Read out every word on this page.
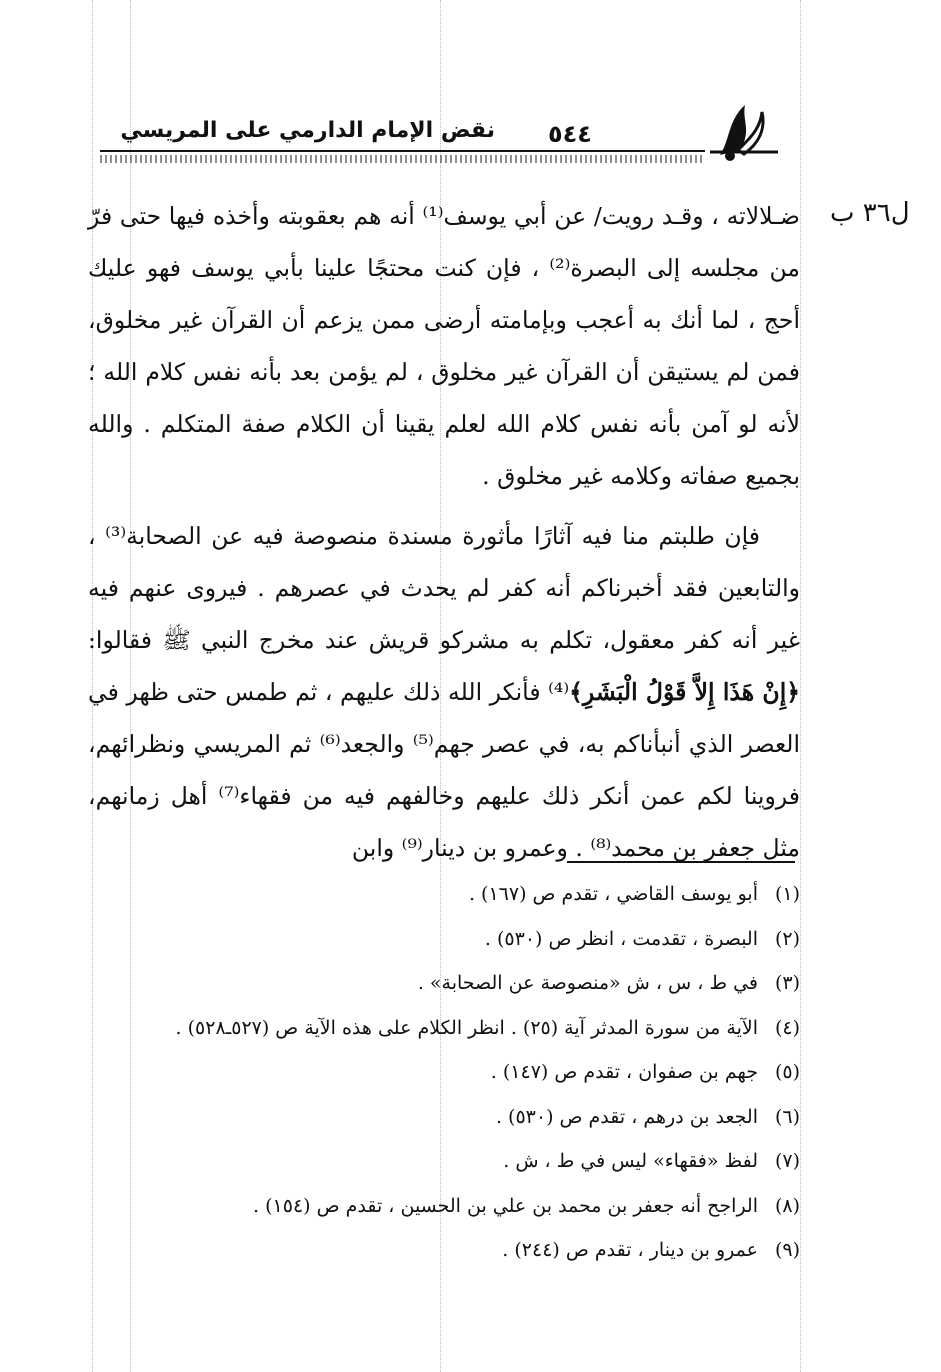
نقض الإمام الدارمي على المريسي ٥٤٤
ل٣٦ ب

ضـلالاته ، وقـد رويت/ عن أبي يوسف⁽¹⁾ أنه هم بعقوبته وأخذه فيها حتى فرّ من مجلسه إلى البصرة⁽²⁾ ، فإن كنت محتجًا علينا بأبي يوسف فهو عليك أحج ، لما أنك به أعجب وبإمامته أرضى ممن يزعم أن القرآن غير مخلوق، فمن لم يستيقن أن القرآن غير مخلوق ، لم يؤمن بعد بأنه نفس كلام الله ؛ لأنه لو آمن بأنه نفس كلام الله لعلم يقينا أن الكلام صفة المتكلم . والله بجميع صفاته وكلامه غير مخلوق .

فإن طلبتم منا فيه آثارًا مأثورة مسندة منصوصة فيه عن الصحابة⁽³⁾ ، والتابعين فقد أخبرناكم أنه كفر لم يحدث في عصرهم . فيروى عنهم فيه غير أنه كفر معقول، تكلم به مشركو قريش عند مخرج النبي ﷺ فقالوا: ﴿إِنْ هَذَا إِلاَّ قَوْلُ الْبَشَرِ﴾⁽⁴⁾ فأنكر الله ذلك عليهم ، ثم طمس حتى ظهر في العصر الذي أنبأناكم به، في عصر جهم⁽⁵⁾ والجعد⁽⁶⁾ ثم المريسي ونظرائهم، فروينا لكم عمن أنكر ذلك عليهم وخالفهم فيه من فقهاء⁽⁷⁾ أهل زمانهم، مثل جعفر بن محمد⁽⁸⁾ . وعمرو بن دينار⁽⁹⁾ وابن

(١)أبو يوسف القاضي ، تقدم ص (١٦٧) .
(٢)البصرة ، تقدمت ، انظر ص (٥٣٠) .
(٣)في ط ، س ، ش «منصوصة عن الصحابة» .
(٤)الآية من سورة المدثر آية (٢٥) . انظر الكلام على هذه الآية ص (٥٢٧ـ٥٢٨) .
(٥)جهم بن صفوان ، تقدم ص (١٤٧) .
(٦)الجعد بن درهم ، تقدم ص (٥٣٠) .
(٧)لفظ «فقهاء» ليس في ط ، ش .
(٨)الراجح أنه جعفر بن محمد بن علي بن الحسين ، تقدم ص (١٥٤) .
(٩)عمرو بن دينار ، تقدم ص (٢٤٤) .
